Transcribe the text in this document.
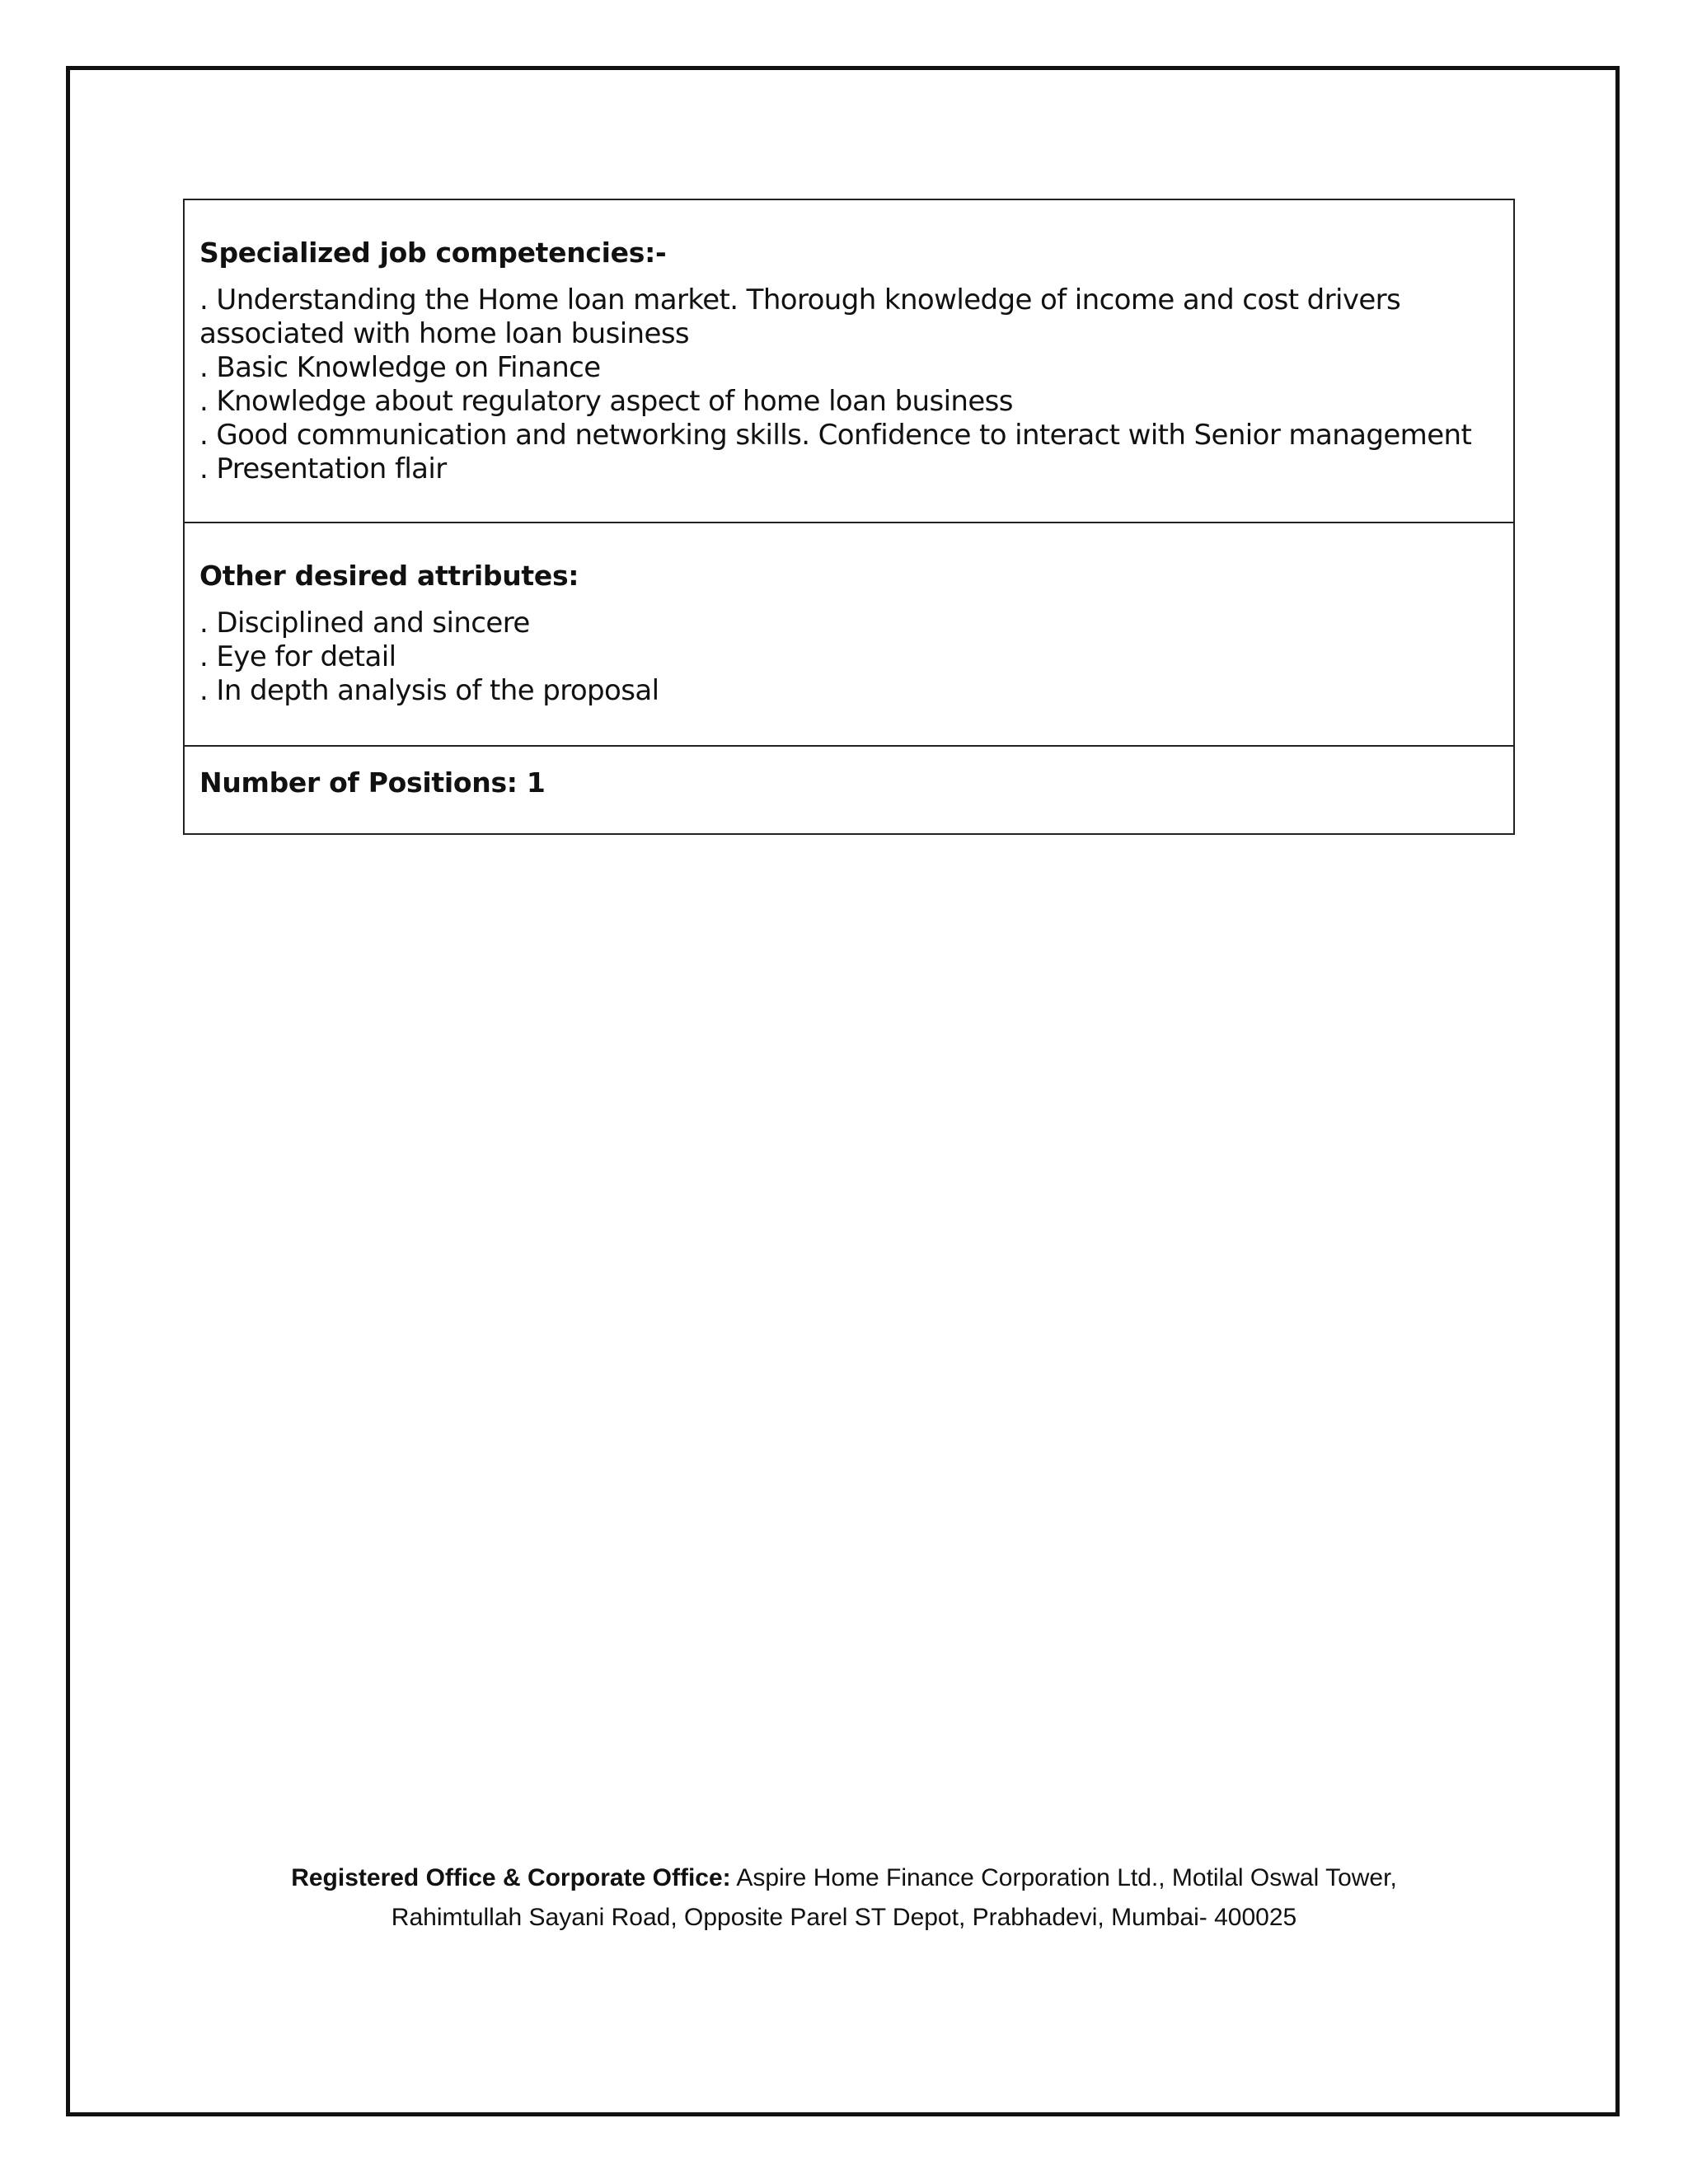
Specialized job competencies:-
. Understanding the Home loan market. Thorough knowledge of income and cost drivers associated with home loan business
. Basic Knowledge on Finance
. Knowledge about regulatory aspect of home loan business
. Good communication and networking skills. Confidence to interact with Senior management
. Presentation flair
Other desired attributes:
. Disciplined and sincere
. Eye for detail
. In depth analysis of the proposal
Number of Positions: 1
Registered Office & Corporate Office: Aspire Home Finance Corporation Ltd., Motilal Oswal Tower,
Rahimtullah Sayani Road, Opposite Parel ST Depot, Prabhadevi, Mumbai- 400025
